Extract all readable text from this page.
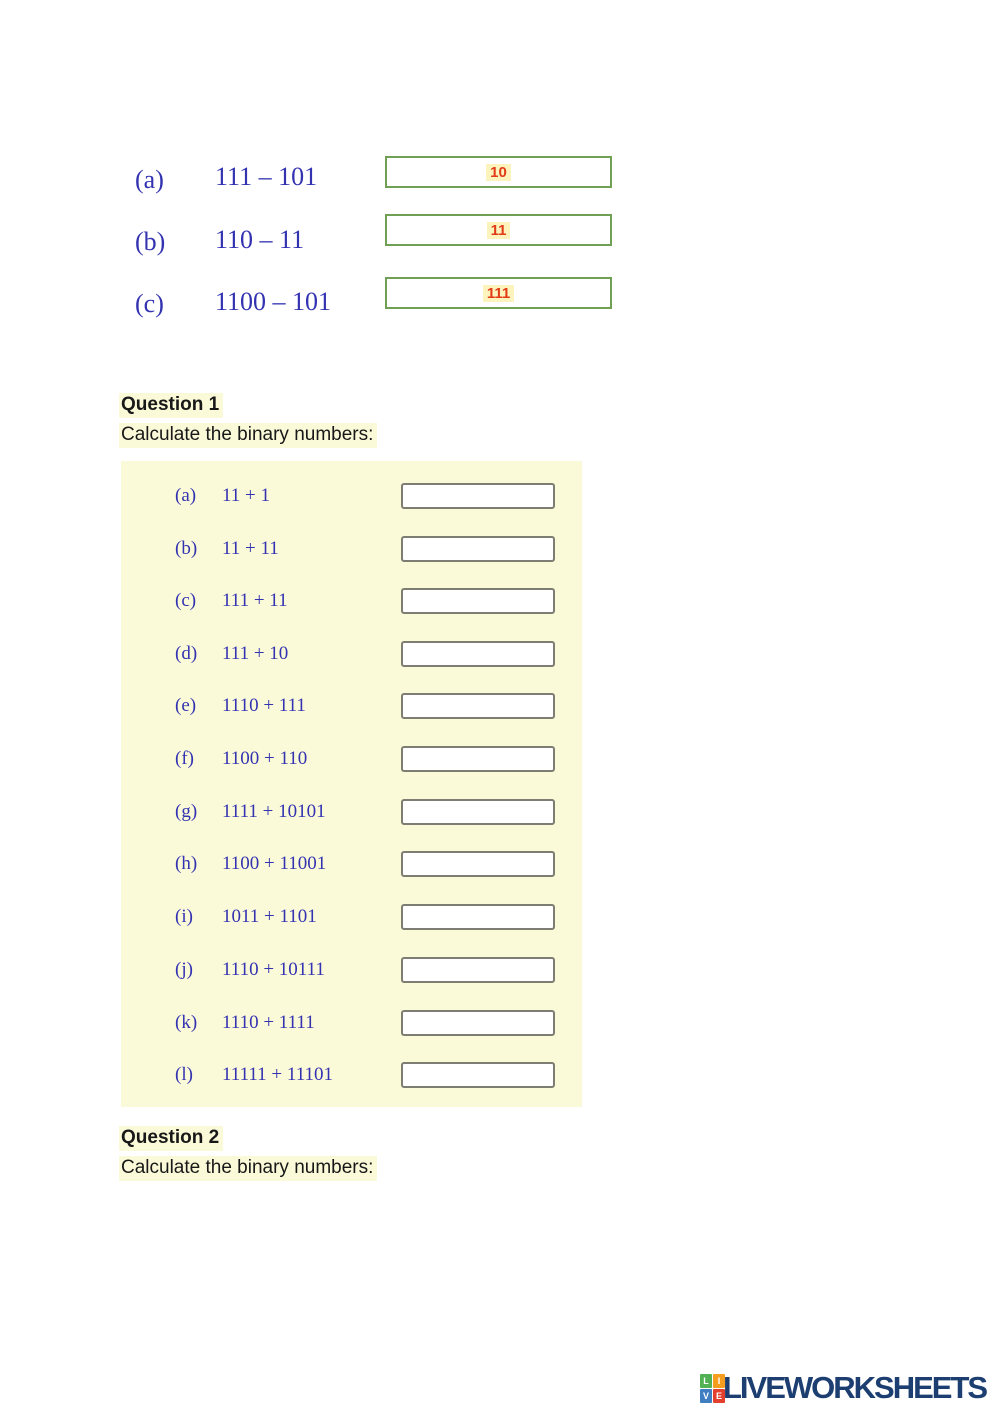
(a) 111 – 101	10
(b) 110 – 11	11
(c) 1100 – 101	111
Question 1
Calculate the binary numbers:
(a) 11 + 1
(b) 11 + 11
(c) 111 + 11
(d) 111 + 10
(e) 1110 + 111
(f) 1100 + 110
(g) 1111 + 10101
(h) 1100 + 11001
(i) 1011 + 1101
(j) 1110 + 10111
(k) 1110 + 1111
(l) 11111 + 11101
Question 2
Calculate the binary numbers:
L I
V E LIVEWORKSHEETS
